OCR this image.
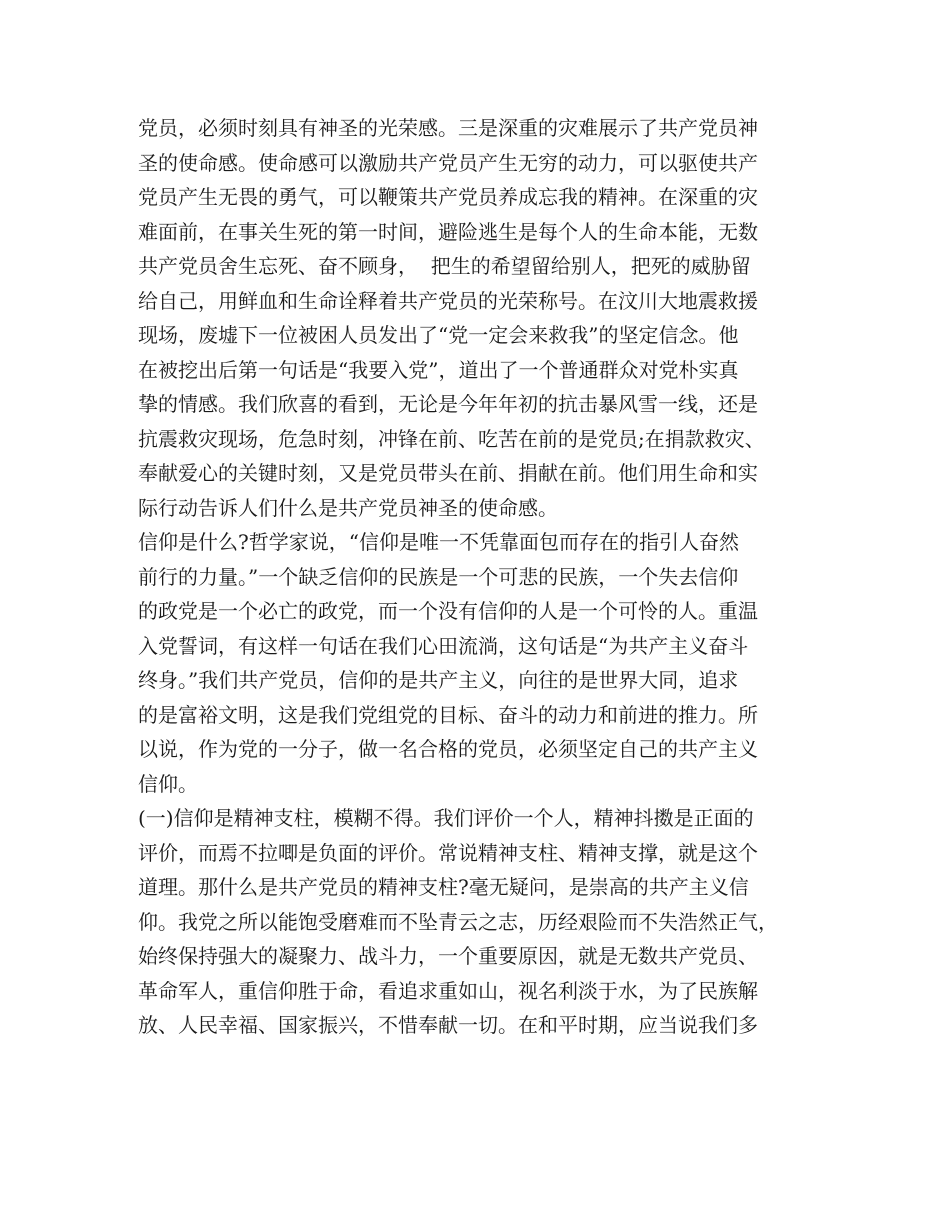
党员，必须时刻具有神圣的光荣感。三是深重的灾难展示了共产党员神
圣的使命感。使命感可以激励共产党员产生无穷的动力，可以驱使共产
党员产生无畏的勇气，可以鞭策共产党员养成忘我的精神。在深重的灾
难面前，在事关生死的第一时间，避险逃生是每个人的生命本能，无数
共产党员舍生忘死、奋不顾身，  把生的希望留给别人，把死的威胁留
给自己，用鲜血和生命诠释着共产党员的光荣称号。在汶川大地震救援
现场，废墟下一位被困人员发出了“党一定会来救我”的坚定信念。他
在被挖出后第一句话是“我要入党”，道出了一个普通群众对党朴实真
挚的情感。我们欣喜的看到，无论是今年年初的抗击暴风雪一线，还是
抗震救灾现场，危急时刻，冲锋在前、吃苦在前的是党员;在捐款救灾、
奉献爱心的关键时刻，又是党员带头在前、捐献在前。他们用生命和实
际行动告诉人们什么是共产党员神圣的使命感。
信仰是什么?哲学家说，“信仰是唯一不凭靠面包而存在的指引人奋然
前行的力量。”一个缺乏信仰的民族是一个可悲的民族，一个失去信仰
的政党是一个必亡的政党，而一个没有信仰的人是一个可怜的人。重温
入党誓词，有这样一句话在我们心田流淌，这句话是“为共产主义奋斗
终身。”我们共产党员，信仰的是共产主义，向往的是世界大同，追求
的是富裕文明，这是我们党组党的目标、奋斗的动力和前进的推力。所
以说，作为党的一分子，做一名合格的党员，必须坚定自己的共产主义
信仰。
(一)信仰是精神支柱，模糊不得。我们评价一个人，精神抖擞是正面的
评价，而焉不拉唧是负面的评价。常说精神支柱、精神支撑，就是这个
道理。那什么是共产党员的精神支柱?毫无疑问，是崇高的共产主义信
仰。我党之所以能饱受磨难而不坠青云之志，历经艰险而不失浩然正气，
始终保持强大的凝聚力、战斗力，一个重要原因，就是无数共产党员、
革命军人，重信仰胜于命，看追求重如山，视名利淡于水，为了民族解
放、人民幸福、国家振兴，不惜奉献一切。在和平时期，应当说我们多
